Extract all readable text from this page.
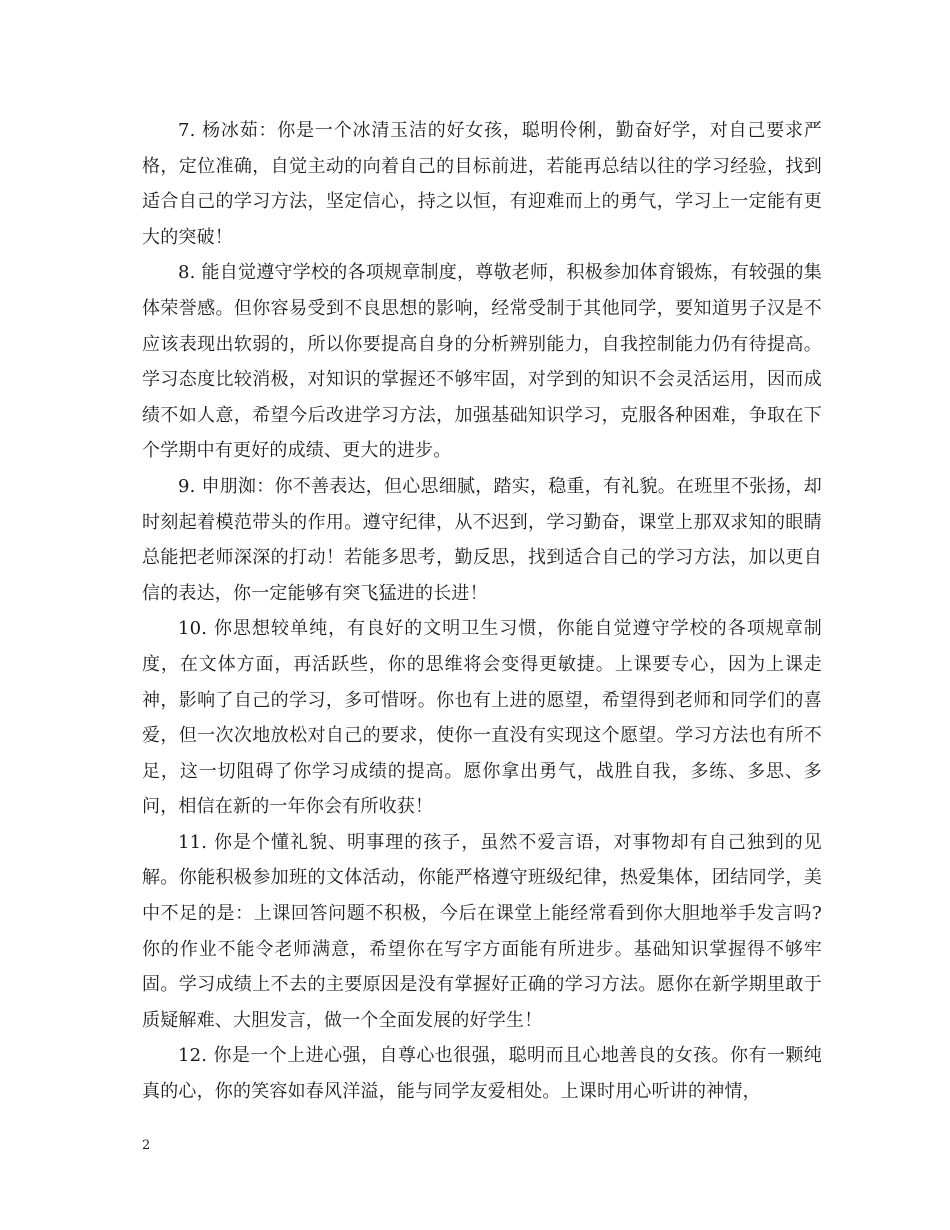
7. 杨冰茹：你是一个冰清玉洁的好女孩，聪明伶俐，勤奋好学，对自己要求严格，定位准确，自觉主动的向着自己的目标前进，若能再总结以往的学习经验，找到适合自己的学习方法，坚定信心，持之以恒，有迎难而上的勇气，学习上一定能有更大的突破！

8. 能自觉遵守学校的各项规章制度，尊敬老师，积极参加体育锻炼，有较强的集体荣誉感。但你容易受到不良思想的影响，经常受制于其他同学，要知道男子汉是不应该表现出软弱的，所以你要提高自身的分析辨别能力，自我控制能力仍有待提高。学习态度比较消极，对知识的掌握还不够牢固，对学到的知识不会灵活运用，因而成绩不如人意，希望今后改进学习方法，加强基础知识学习，克服各种困难，争取在下个学期中有更好的成绩、更大的进步。

9. 申朋洳：你不善表达，但心思细腻，踏实，稳重，有礼貌。在班里不张扬，却时刻起着模范带头的作用。遵守纪律，从不迟到，学习勤奋，课堂上那双求知的眼睛总能把老师深深的打动！若能多思考，勤反思，找到适合自己的学习方法，加以更自信的表达，你一定能够有突飞猛进的长进！

10. 你思想较单纯，有良好的文明卫生习惯，你能自觉遵守学校的各项规章制度，在文体方面，再活跃些，你的思维将会变得更敏捷。上课要专心，因为上课走神，影响了自己的学习，多可惜呀。你也有上进的愿望，希望得到老师和同学们的喜爱，但一次次地放松对自己的要求，使你一直没有实现这个愿望。学习方法也有所不足，这一切阻碍了你学习成绩的提高。愿你拿出勇气，战胜自我，多练、多思、多问，相信在新的一年你会有所收获！

11. 你是个懂礼貌、明事理的孩子，虽然不爱言语，对事物却有自己独到的见解。你能积极参加班的文体活动，你能严格遵守班级纪律，热爱集体，团结同学，美中不足的是：上课回答问题不积极，今后在课堂上能经常看到你大胆地举手发言吗?你的作业不能令老师满意，希望你在写字方面能有所进步。基础知识掌握得不够牢固。学习成绩上不去的主要原因是没有掌握好正确的学习方法。愿你在新学期里敢于质疑解难、大胆发言，做一个全面发展的好学生！

12. 你是一个上进心强，自尊心也很强，聪明而且心地善良的女孩。你有一颗纯真的心，你的笑容如春风洋溢，能与同学友爱相处。上课时用心听讲的神情，

2
